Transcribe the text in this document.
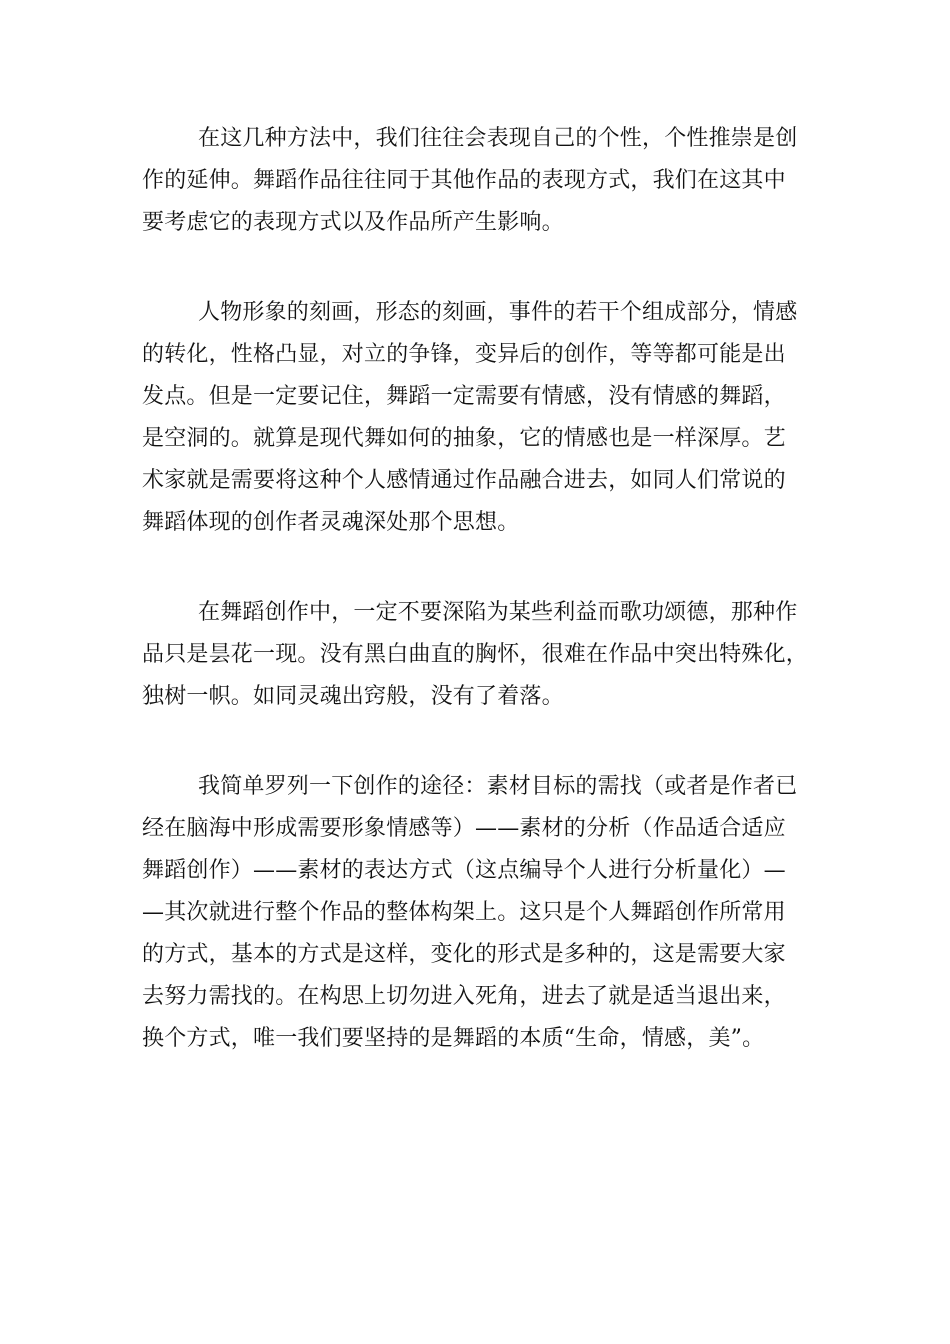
在这几种方法中，我们往往会表现自己的个性，个性推崇是创
作的延伸。舞蹈作品往往同于其他作品的表现方式，我们在这其中
要考虑它的表现方式以及作品所产生影响。

人物形象的刻画，形态的刻画，事件的若干个组成部分，情感
的转化，性格凸显，对立的争锋，变异后的创作，等等都可能是出
发点。但是一定要记住，舞蹈一定需要有情感，没有情感的舞蹈，
是空洞的。就算是现代舞如何的抽象，它的情感也是一样深厚。艺
术家就是需要将这种个人感情通过作品融合进去，如同人们常说的
舞蹈体现的创作者灵魂深处那个思想。

在舞蹈创作中，一定不要深陷为某些利益而歌功颂德，那种作
品只是昙花一现。没有黑白曲直的胸怀，很难在作品中突出特殊化，
独树一帜。如同灵魂出窍般，没有了着落。

我简单罗列一下创作的途径：素材目标的需找（或者是作者已
经在脑海中形成需要形象情感等）——素材的分析（作品适合适应
舞蹈创作）——素材的表达方式（这点编导个人进行分析量化）—
—其次就进行整个作品的整体构架上。这只是个人舞蹈创作所常用
的方式，基本的方式是这样，变化的形式是多种的，这是需要大家
去努力需找的。在构思上切勿进入死角，进去了就是适当退出来，
换个方式，唯一我们要坚持的是舞蹈的本质“生命，情感，美”。
